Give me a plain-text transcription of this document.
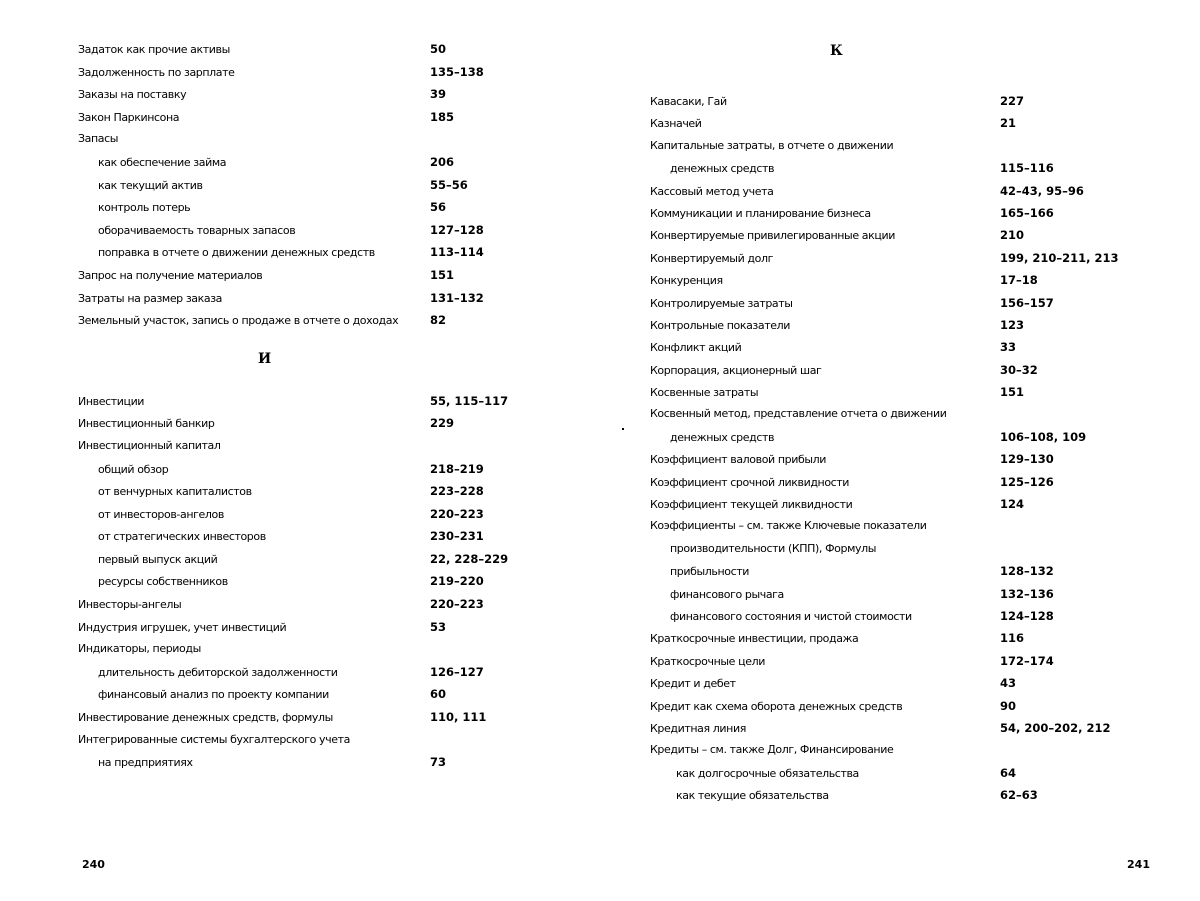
Задаток как прочие активы	50
Задолженность по зарплате	135–138
Заказы на поставку	39
Закон Паркинсона	185
Запасы
как обеспечение займа	206
как текущий актив	55–56
контроль потерь	56
оборачиваемость товарных запасов	127–128
поправка в отчете о движении денежных средств	113–114
Запрос на получение материалов	151
Затраты на размер заказа	131–132
Земельный участок, запись о продаже в отчете о доходах	82
И
Инвестиции	55, 115–117
Инвестиционный банкир	229
Инвестиционный капитал
общий обзор	218–219
от венчурных капиталистов	223–228
от инвесторов-ангелов	220–223
от стратегических инвесторов	230–231
первый выпуск акций	22, 228–229
ресурсы собственников	219–220
Инвесторы-ангелы	220–223
Индустрия игрушек, учет инвестиций	53
Индикаторы, периоды
длительность дебиторской задолженности	126–127
финансовый анализ по проекту компании	60
Инвестирование денежных средств, формулы	110, 111
Интегрированные системы бухгалтерского учета
на предприятиях	73
240
К
Кавасаки, Гай	227
Казначей	21
Капитальные затраты, в отчете о движении
денежных средств	115–116
Кассовый метод учета	42–43, 95–96
Коммуникации и планирование бизнеса	165–166
Конвертируемые привилегированные акции	210
Конвертируемый долг	199, 210–211, 213
Конкуренция	17–18
Контролируемые затраты	156–157
Контрольные показатели	123
Конфликт акций	33
Корпорация, акционерный шаг	30–32
Косвенные затраты	151
Косвенный метод, представление отчета о движении
денежных средств	106–108, 109
Коэффициент валовой прибыли	129–130
Коэффициент срочной ликвидности	125–126
Коэффициент текущей ликвидности	124
Коэффициенты – см. также Ключевые показатели
производительности (КПП), Формулы
прибыльности	128–132
финансового рычага	132–136
финансового состояния и чистой стоимости	124–128
Краткосрочные инвестиции, продажа	116
Краткосрочные цели	172–174
Кредит и дебет	43
Кредит как схема оборота денежных средств	90
Кредитная линия	54, 200–202, 212
Кредиты – см. также Долг, Финансирование
как долгосрочные обязательства	64
как текущие обязательства	62–63
241
